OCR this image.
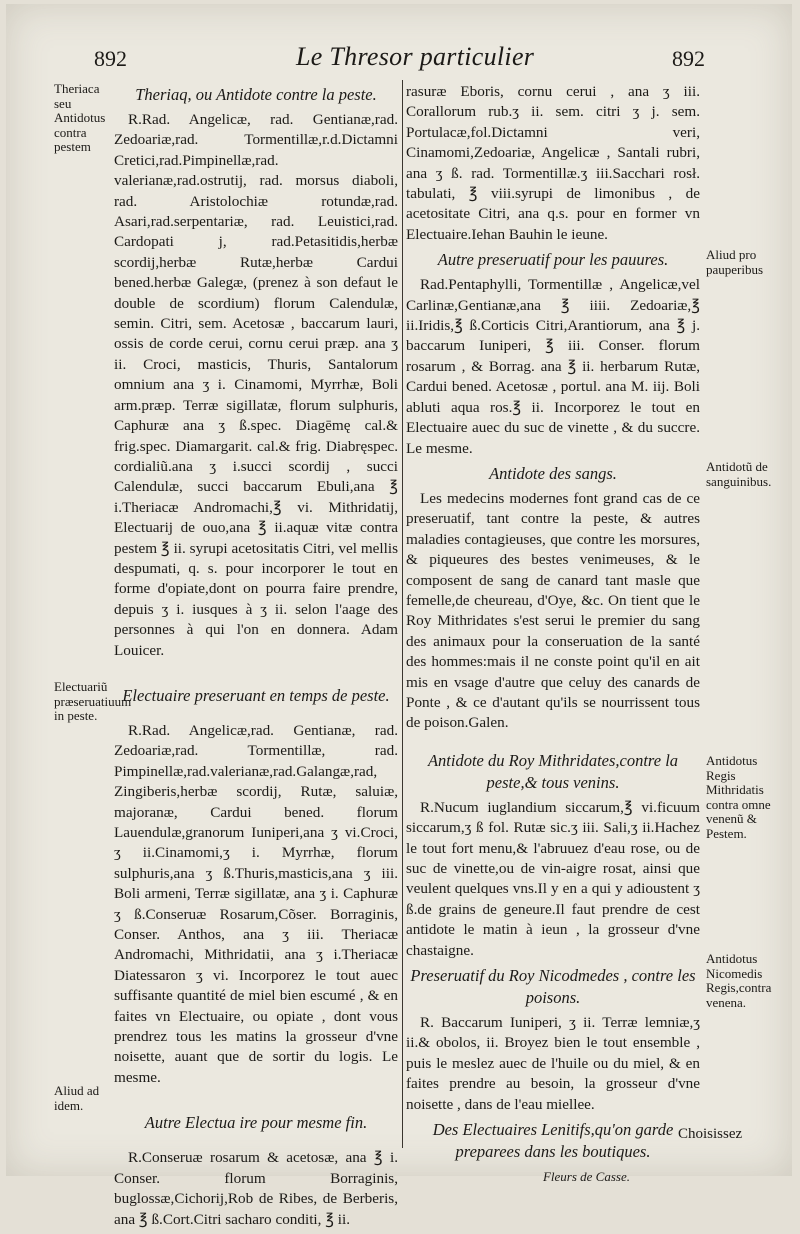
892	Le Thresor particulier	892
Theriaca seu Antidotus contra pestem
Electuariũ præseruatiuum in peste.
Aliud ad idem.
Aliud pro pauperibus
Antidotũ de sanguinibus.
Antidotus Regis Mithridatis contra omne venenũ & Pestem.
Antidotus Nicomedis Regis,contra venena.
Theriaq, ou Antidote contre la peste.

R.Rad. Angelicæ, rad. Gentianæ,rad. Zedoariæ,rad. Tormentillæ,r.d.Dictamni Cretici,rad.Pimpinellæ,rad. valerianæ,rad.ostrutij, rad. morsus diaboli, rad. Aristolochiæ rotundæ,rad. Asari,rad.serpentariæ, rad. Leuistici,rad. Cardopati j, rad.Petasitidis,herbæ scordij,herbæ Rutæ,herbæ Cardui bened.herbæ Galegæ, (prenez à son defaut le double de scordium) florum Calendulæ, semin. Citri, sem. Acetosæ , baccarum lauri, ossis de corde cerui, cornu cerui præp. ana ʒ ii. Croci, masticis, Thuris, Santalorum omnium ana ʒ i. Cinamomi, Myrrhæ, Boli arm.præp. Terræ sigillatæ, florum sulphuris, Caphuræ ana ʒ ß.spec. Diagēmę cal.& frig.spec. Diamargarit. cal.& frig. Diabręspec. cordialiũ.ana ʒ i.succi scordij , succi Calendulæ, succi baccarum Ebuli,ana ℥ i.Theriacæ Andromachi,℥ vi. Mithridatij, Electuarij de ouo,ana ℥ ii.aquæ vitæ contra pestem ℥ ii. syrupi acetositatis Citri, vel mellis despumati, q. s. pour incorporer le tout en forme d'opiate,dont on pourra faire prendre, depuis ʒ i. iusques à ʒ ii. selon l'aage des personnes à qui l'on en donnera. Adam Louicer.

Electuaire preseruant en temps de peste.

R.Rad. Angelicæ,rad. Gentianæ, rad. Zedoariæ,rad. Tormentillæ, rad. Pimpinellæ,rad.valerianæ,rad.Galangæ,rad, Zingiberis,herbæ scordij, Rutæ, saluiæ, majoranæ, Cardui bened. florum Lauendulæ,granorum Iuniperi,ana ʒ vi.Croci, ʒ ii.Cinamomi,ʒ i. Myrrhæ, florum sulphuris,ana ʒ ß.Thuris,masticis,ana ʒ iii. Boli armeni, Terræ sigillatæ, ana ʒ i. Caphuræ ʒ ß.Conseruæ Rosarum,Cõser. Borraginis, Conser. Anthos, ana ʒ iii. Theriacæ Andromachi, Mithridatii, ana ʒ i.Theriacæ Diatessaron ʒ vi. Incorporez le tout auec suffisante quantité de miel bien escumé , & en faites vn Electuaire, ou opiate , dont vous prendrez tous les matins la grosseur d'vne noisette, auant que de sortir du logis. Le mesme.

Autre Electua ire pour mesme fin.

R.Conseruæ rosarum & acetosæ, ana ℥ i. Conser. florum Borraginis, buglossæ,Cichorij,Rob de Ribes, de Berberis, ana ℥ ß.Cort.Citri sacharo conditi, ℥ ii.

rasuræ Eboris, cornu cerui , ana ʒ iii. Corallorum rub.ʒ ii. sem. citri ʒ j. sem. Portulacæ,fol.Dictamni veri, Cinamomi,Zedoariæ, Angelicæ , Santali rubri, ana ʒ ß. rad. Tormentillæ.ʒ iii.Sacchari rosł. tabulati, ℥ viii.syrupi de limonibus , de acetositate Citri, ana q.s. pour en former vn Electuaire.Iehan Bauhin le ieune.

Autre preseruatif pour les pauures.

Rad.Pentaphylli, Tormentillæ , Angelicæ,vel Carlinæ,Gentianæ,ana ℥ iiii. Zedoariæ,℥ ii.Iridis,℥ ß.Corticis Citri,Arantiorum, ana ℥ j. baccarum Iuniperi, ℥ iii. Conser. florum rosarum , & Borrag. ana ℥ ii. herbarum Rutæ, Cardui bened. Acetosæ , portul. ana M. iij. Boli abluti aqua ros.℥ ii. Incorporez le tout en Electuaire auec du suc de vinette , & du succre. Le mesme.

Antidote des sangs.

Les medecins modernes font grand cas de ce preseruatif, tant contre la peste, & autres maladies contagieuses, que contre les morsures, & piqueures des bestes venimeuses, & le composent de sang de canard tant masle que femelle,de cheureau, d'Oye, &c. On tient que le Roy Mithridates s'est serui le premier du sang des animaux pour la conseruation de la santé des hommes:mais il ne conste point qu'il en ait mis en vsage d'autre que celuy des canards de Ponte , & ce d'autant qu'ils se nourrissent tous de poison.Galen.

Antidote du Roy Mithridates,contre la peste,& tous venins.

R.Nucum iuglandium siccarum,℥ vi.ficuum siccarum,ʒ ß fol. Rutæ sic.ʒ iii. Sali,ʒ ii.Hachez le tout fort menu,& l'abruuez d'eau rose, ou de suc de vinette,ou de vin-aigre rosat, ainsi que veulent quelques vns.Il y en a qui y adioustent ʒ ß.de grains de geneure.Il faut prendre de cest antidote le matin à ieun , la grosseur d'vne chastaigne.

Preseruatif du Roy Nicodmedes , contre les poisons.

R. Baccarum Iuniperi, ʒ ii. Terræ lemniæ,ʒ ii.& obolos, ii. Broyez bien le tout ensemble , puis le meslez auec de l'huile ou du miel, & en faites prendre au besoin, la grosseur d'vne noisette , dans de l'eau miellee.

Des Electuaires Lenitifs,qu'on garde preparees dans les boutiques.
Fleurs de Casse.
Choisissez
